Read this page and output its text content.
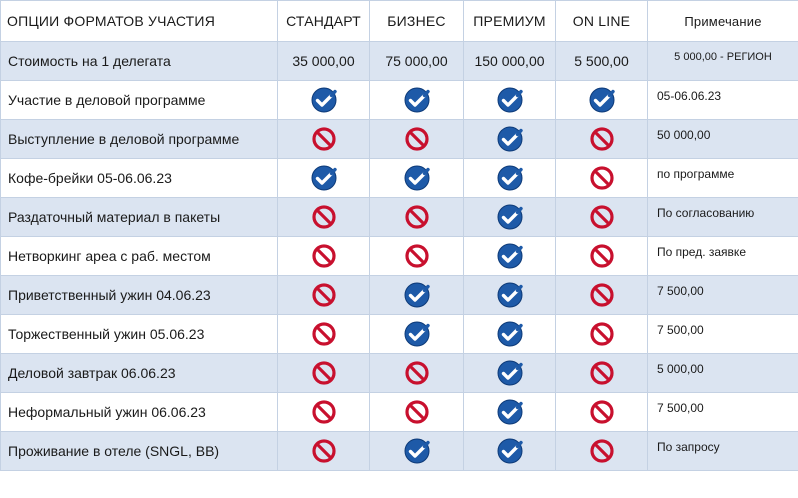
ОПЦИИ ФОРМАТОВ УЧАСТИЯ	СТАНДАРТ	БИЗНЕС	ПРЕМИУМ	ON LINE	Примечание
Стоимость на 1 делегата	35 000,00	75 000,00	150 000,00	5 500,00	5 000,00 - РЕГИОН
Участие в деловой программе					05-06.06.23
Выступление в деловой программе					50 000,00
Кофе-брейки 05-06.06.23					по программе
Раздаточный материал в пакеты					По согласованию
Нетворкинг ареа с раб. местом					По пред. заявке
Приветственный ужин 04.06.23					7 500,00
Торжественный ужин 05.06.23					7 500,00
Деловой завтрак 06.06.23					5 000,00
Неформальный ужин 06.06.23					7 500,00
Проживание в отеле (SNGL, BB)					По запросу
